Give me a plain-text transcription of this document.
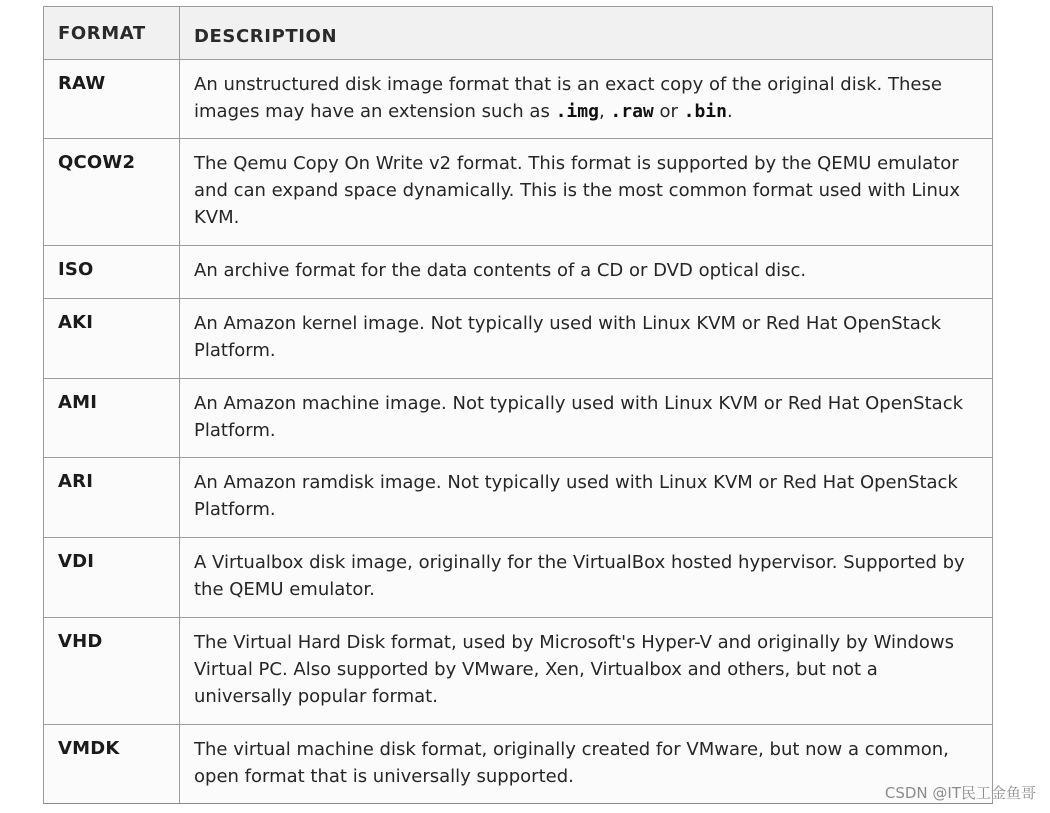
FORMAT	DESCRIPTION
RAW	An unstructured disk image format that is an exact copy of the original disk. These images may have an extension such as .img, .raw or .bin.
QCOW2	The Qemu Copy On Write v2 format. This format is supported by the QEMU emulator and can expand space dynamically. This is the most common format used with Linux KVM.
ISO	An archive format for the data contents of a CD or DVD optical disc.
AKI	An Amazon kernel image. Not typically used with Linux KVM or Red Hat OpenStack Platform.
AMI	An Amazon machine image. Not typically used with Linux KVM or Red Hat OpenStack Platform.
ARI	An Amazon ramdisk image. Not typically used with Linux KVM or Red Hat OpenStack Platform.
VDI	A Virtualbox disk image, originally for the VirtualBox hosted hypervisor. Supported by the QEMU emulator.
VHD	The Virtual Hard Disk format, used by Microsoft's Hyper-V and originally by Windows Virtual PC. Also supported by VMware, Xen, Virtualbox and others, but not a universally popular format.
VMDK	The virtual machine disk format, originally created for VMware, but now a common, open format that is universally supported.
CSDN @IT民工金鱼哥
